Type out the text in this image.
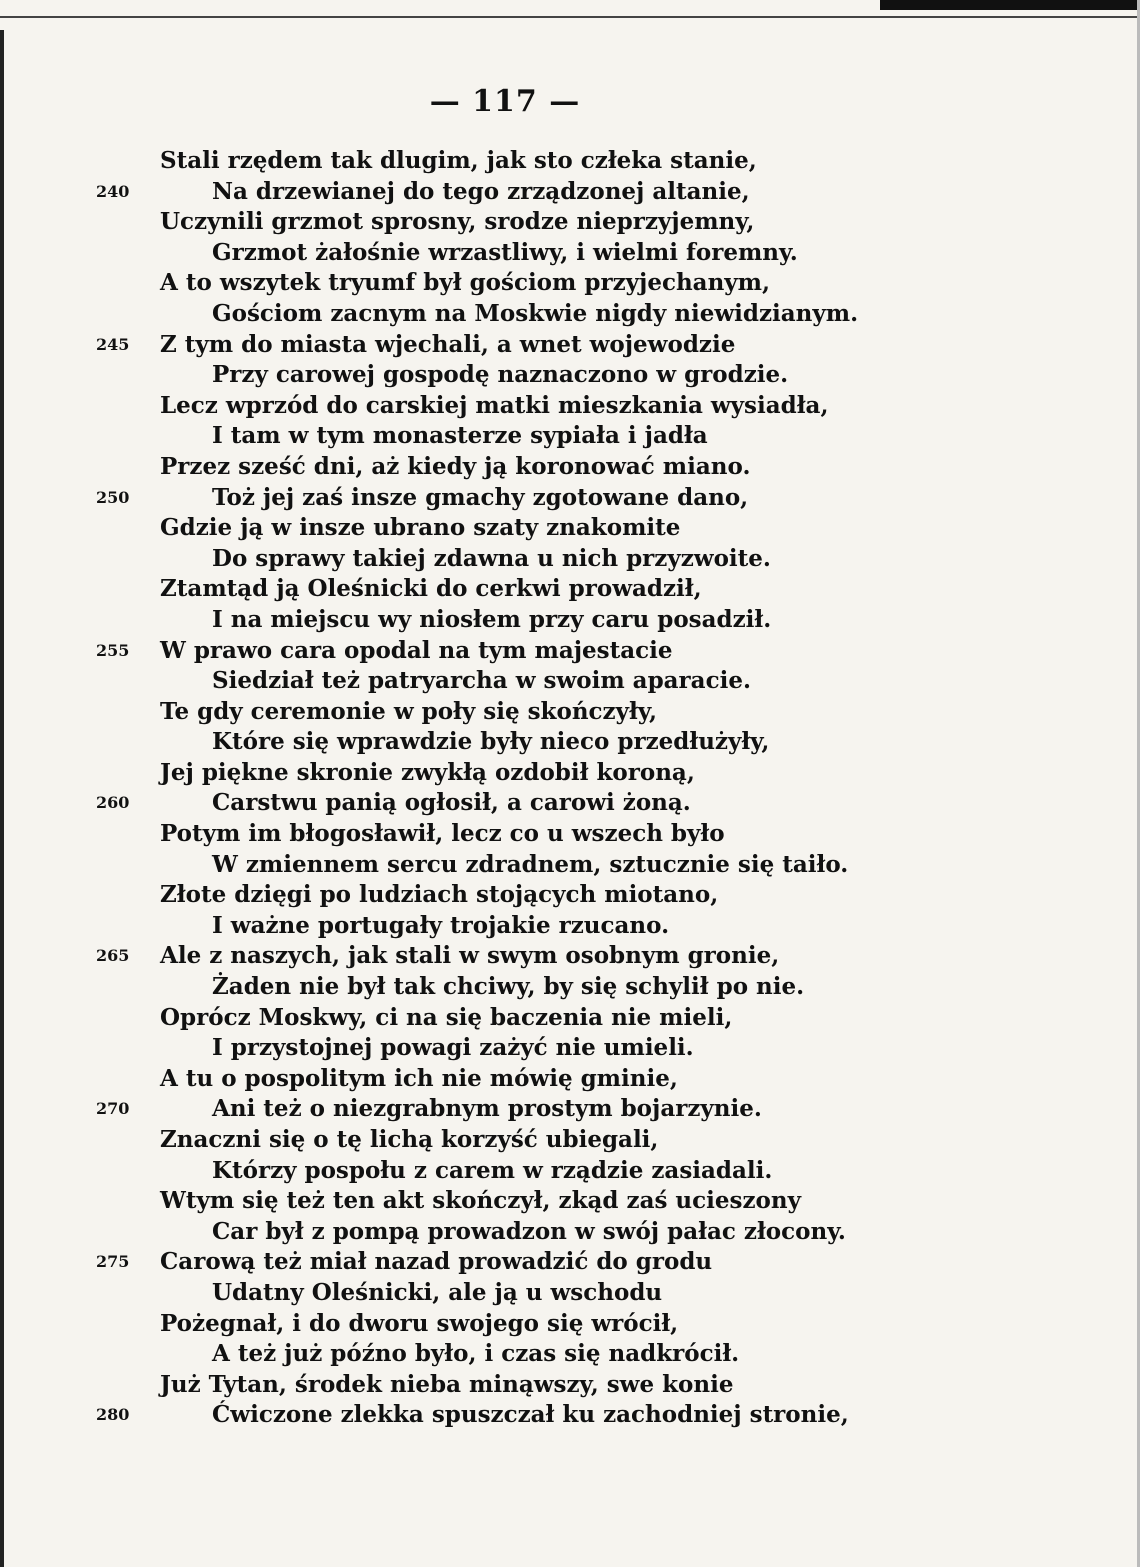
— 117 —
Stali rzędem tak dlugim, jak sto człeka stanie,
240	Na drzewianej do tego zrządzonej altanie,
Uczynili grzmot sprosny, srodze nieprzyjemny,
Grzmot żałośnie wrzastliwy, i wielmi foremny.
A to wszytek tryumf był gościom przyjechanym,
Gościom zacnym na Moskwie nigdy niewidzianym.
245	Z tym do miasta wjechali, a wnet wojewodzie
Przy carowej gospodę naznaczono w grodzie.
Lecz wprzód do carskiej matki mieszkania wysiadła,
I tam w tym monasterze sypiała i jadła
Przez sześć dni, aż kiedy ją koronować miano.
250	Toż jej zaś insze gmachy zgotowane dano,
Gdzie ją w insze ubrano szaty znakomite
Do sprawy takiej zdawna u nich przyzwoite.
Ztamtąd ją Oleśnicki do cerkwi prowadził,
I na miejscu wy niosłem przy caru posadził.
255	W prawo cara opodal na tym majestacie
Siedział też patryarcha w swoim aparacie.
Te gdy ceremonie w poły się skończyły,
Które się wprawdzie były nieco przedłużyły,
Jej piękne skronie zwykłą ozdobił koroną,
260	Carstwu panią ogłosił, a carowi żoną.
Potym im błogosławił, lecz co u wszech było
W zmiennem sercu zdradnem, sztucznie się taiło.
Złote dzięgi po ludziach stojących miotano,
I ważne portugały trojakie rzucano.
265	Ale z naszych, jak stali w swym osobnym gronie,
Żaden nie był tak chciwy, by się schylił po nie.
Oprócz Moskwy, ci na się baczenia nie mieli,
I przystojnej powagi zażyć nie umieli.
A tu o pospolitym ich nie mówię gminie,
270	Ani też o niezgrabnym prostym bojarzynie.
Znaczni się o tę lichą korzyść ubiegali,
Którzy pospołu z carem w rządzie zasiadali.
Wtym się też ten akt skończył, zkąd zaś ucieszony
Car był z pompą prowadzon w swój pałac złocony.
275	Carową też miał nazad prowadzić do grodu
Udatny Oleśnicki, ale ją u wschodu
Pożegnał, i do dworu swojego się wrócił,
A też już późno było, i czas się nadkrócił.
Już Tytan, środek nieba minąwszy, swe konie
280	Ćwiczone zlekka spuszczał ku zachodniej stronie,
